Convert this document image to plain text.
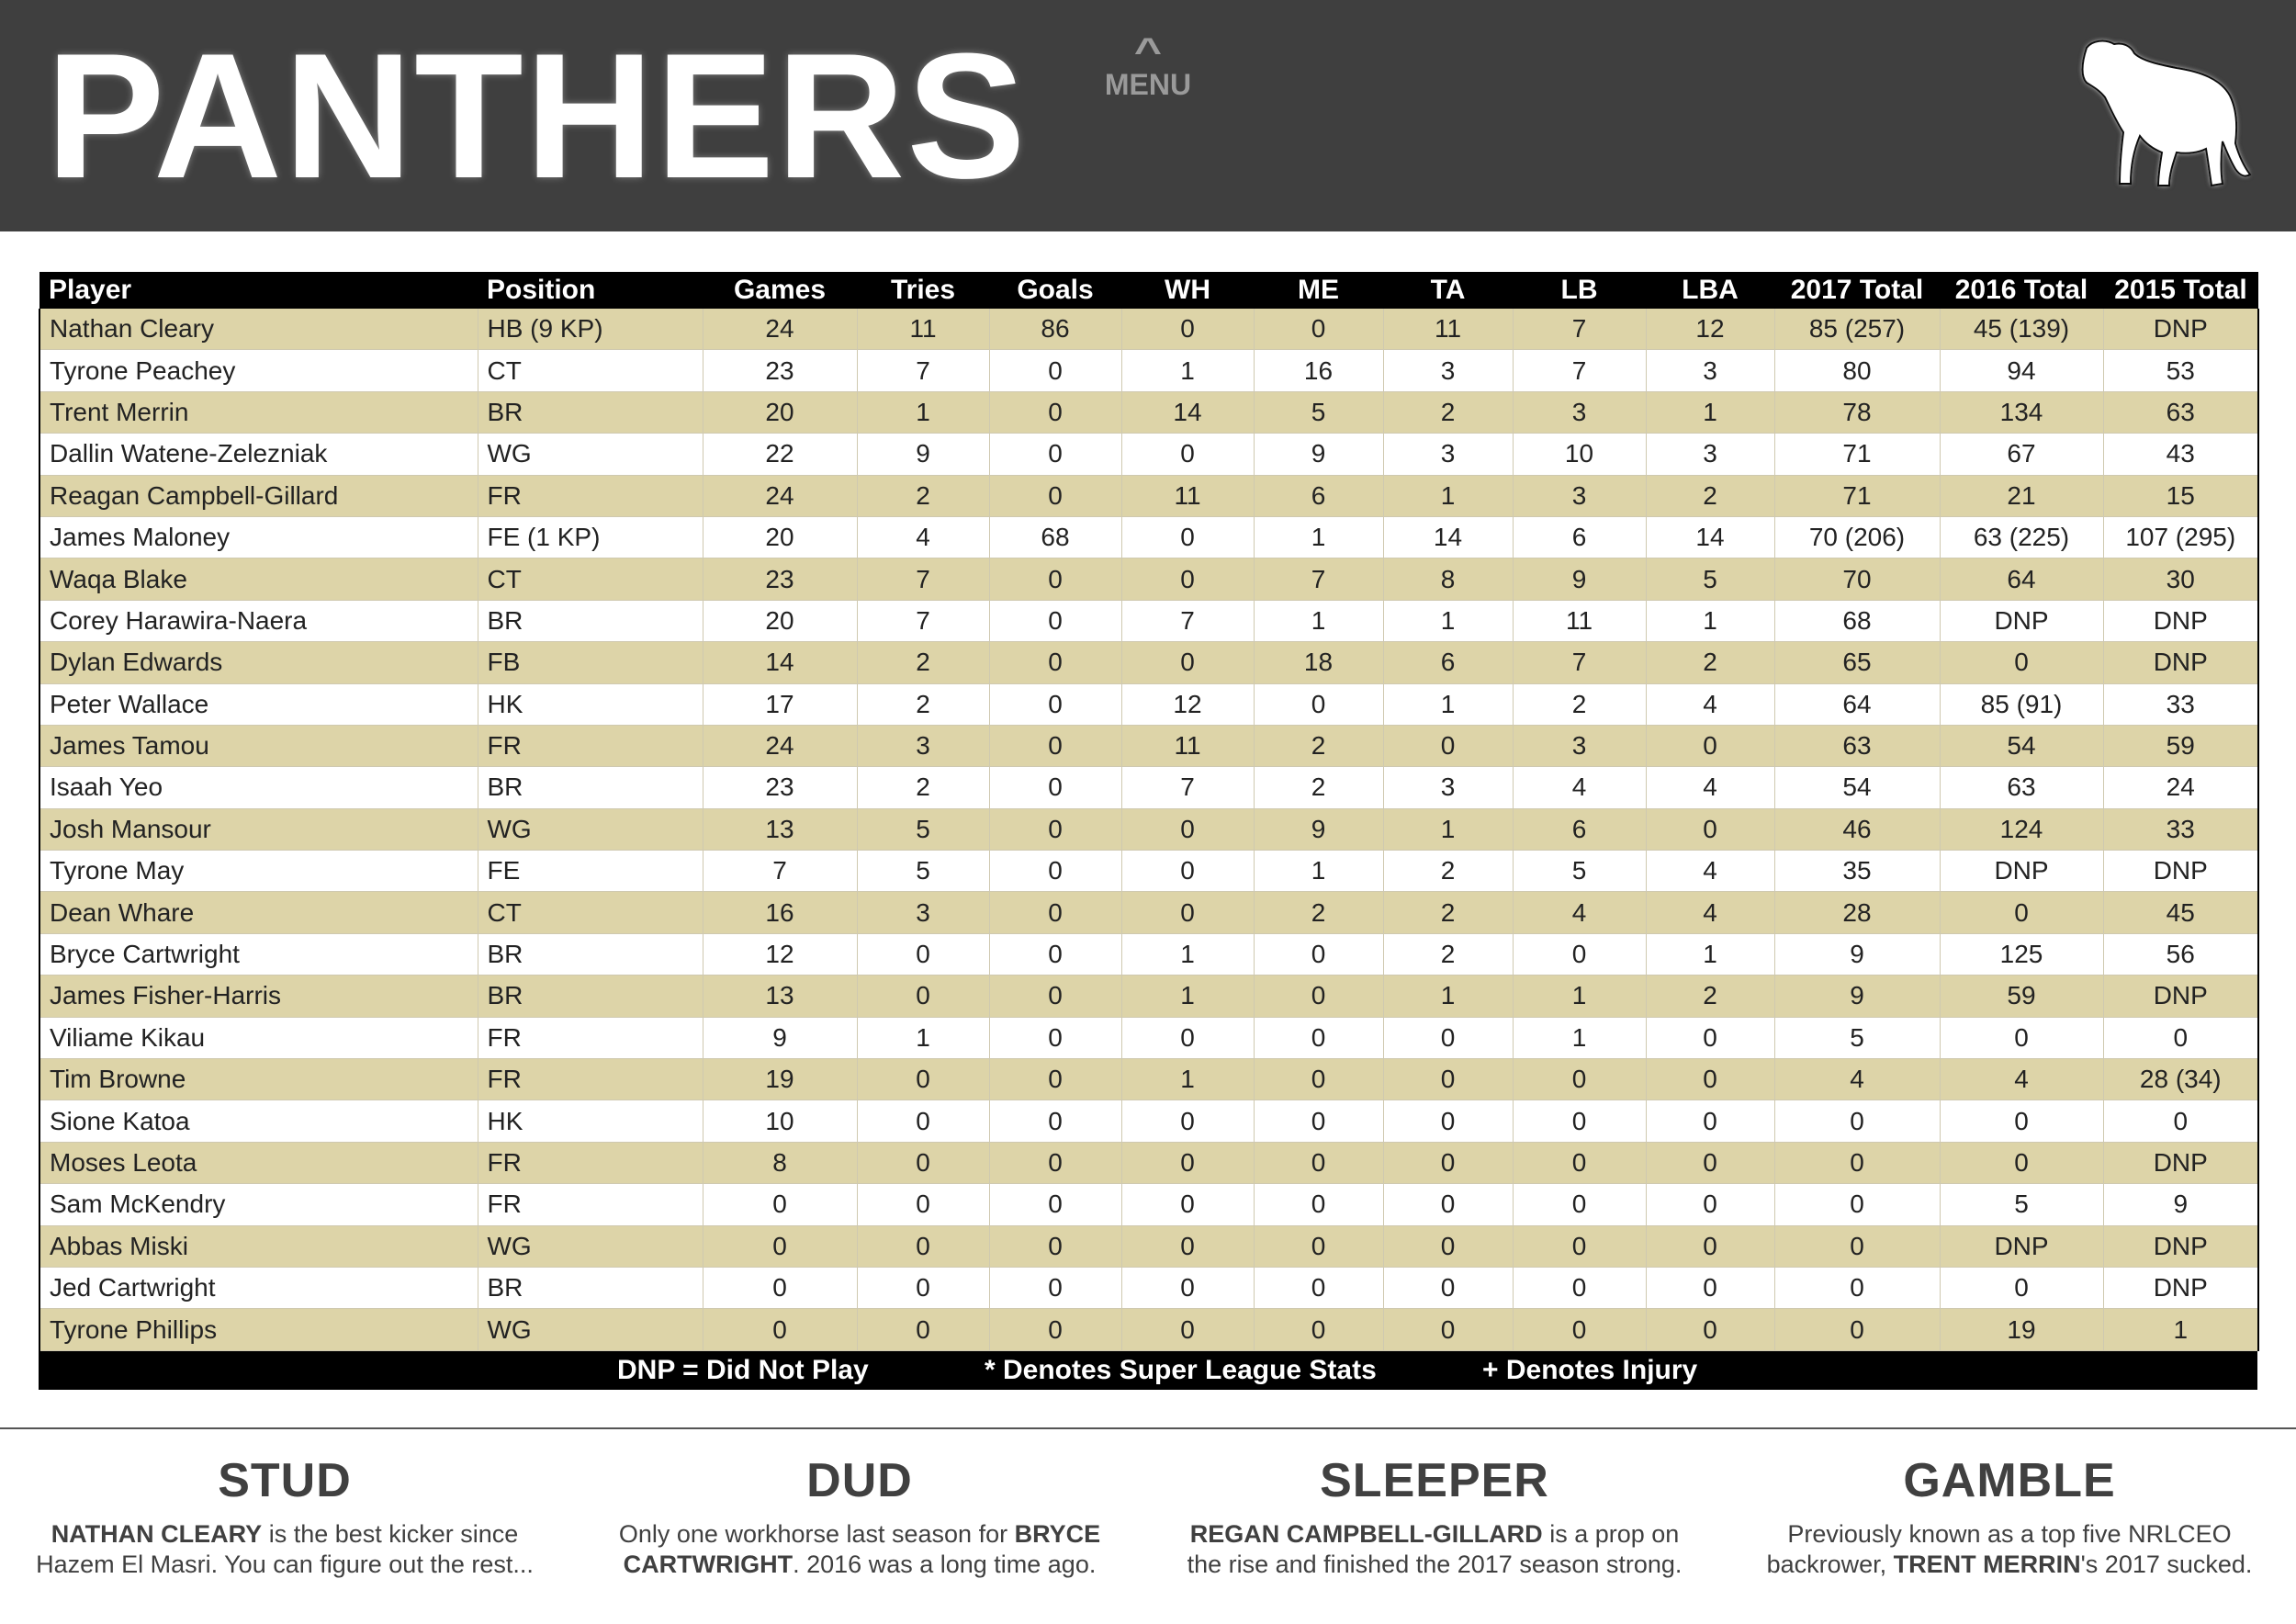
PANTHERS	^
MENU
Player	Position	Games	Tries	Goals	WH	ME	TA	LB	LBA	2017 Total	2016 Total	2015 Total
Nathan Cleary	HB (9 KP)	24	11	86	0	0	11	7	12	85 (257)	45 (139)	DNP
Tyrone Peachey	CT	23	7	0	1	16	3	7	3	80	94	53
Trent Merrin	BR	20	1	0	14	5	2	3	1	78	134	63
Dallin Watene-Zelezniak	WG	22	9	0	0	9	3	10	3	71	67	43
Reagan Campbell-Gillard	FR	24	2	0	11	6	1	3	2	71	21	15
James Maloney	FE (1 KP)	20	4	68	0	1	14	6	14	70 (206)	63 (225)	107 (295)
Waqa Blake	CT	23	7	0	0	7	8	9	5	70	64	30
Corey Harawira-Naera	BR	20	7	0	7	1	1	11	1	68	DNP	DNP
Dylan Edwards	FB	14	2	0	0	18	6	7	2	65	0	DNP
Peter Wallace	HK	17	2	0	12	0	1	2	4	64	85 (91)	33
James Tamou	FR	24	3	0	11	2	0	3	0	63	54	59
Isaah Yeo	BR	23	2	0	7	2	3	4	4	54	63	24
Josh Mansour	WG	13	5	0	0	9	1	6	0	46	124	33
Tyrone May	FE	7	5	0	0	1	2	5	4	35	DNP	DNP
Dean Whare	CT	16	3	0	0	2	2	4	4	28	0	45
Bryce Cartwright	BR	12	0	0	1	0	2	0	1	9	125	56
James Fisher-Harris	BR	13	0	0	1	0	1	1	2	9	59	DNP
Viliame Kikau	FR	9	1	0	0	0	0	1	0	5	0	0
Tim Browne	FR	19	0	0	1	0	0	0	0	4	4	28 (34)
Sione Katoa	HK	10	0	0	0	0	0	0	0	0	0	0
Moses Leota	FR	8	0	0	0	0	0	0	0	0	0	DNP
Sam McKendry	FR	0	0	0	0	0	0	0	0	0	5	9
Abbas Miski	WG	0	0	0	0	0	0	0	0	0	DNP	DNP
Jed Cartwright	BR	0	0	0	0	0	0	0	0	0	0	DNP
Tyrone Phillips	WG	0	0	0	0	0	0	0	0	0	19	1
DNP = Did Not Play	* Denotes Super League Stats	+ Denotes Injury
STUD

NATHAN CLEARY is the best kicker since Hazem El Masri. You can figure out the rest...

DUD

Only one workhorse last season for BRYCE CARTWRIGHT. 2016 was a long time ago.

SLEEPER

REGAN CAMPBELL-GILLARD is a prop on the rise and finished the 2017 season strong.

GAMBLE

Previously known as a top five NRLCEO backrower, TRENT MERRIN's 2017 sucked.
